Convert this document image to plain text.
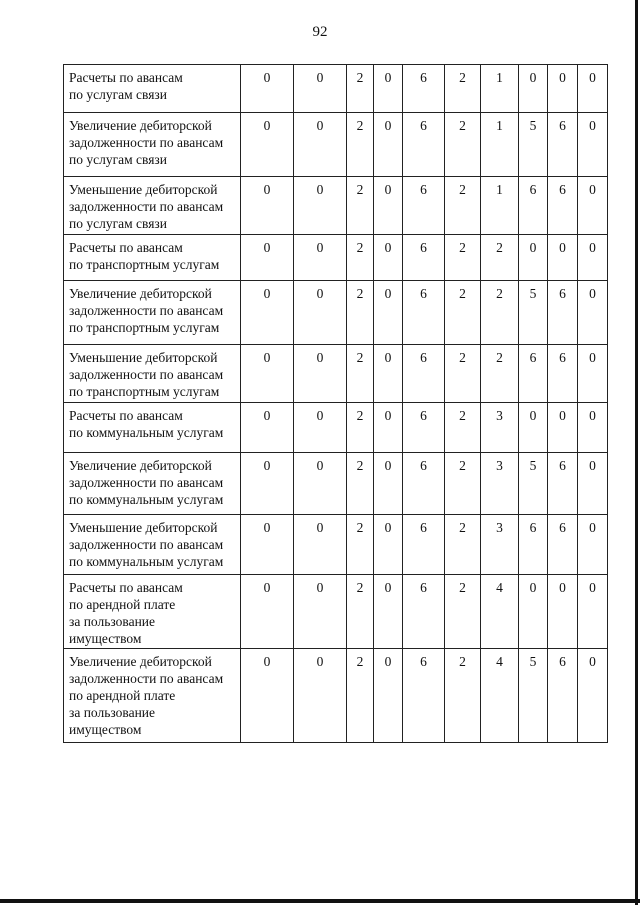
92
Расчеты по авансам
по услугам связи	0	0	2	0	6	2	1	0	0	0
Увеличение дебиторской
задолженности по авансам
по услугам связи	0	0	2	0	6	2	1	5	6	0
Уменьшение дебиторской
задолженности по авансам
по услугам связи	0	0	2	0	6	2	1	6	6	0
Расчеты по авансам
по транспортным услугам	0	0	2	0	6	2	2	0	0	0
Увеличение дебиторской
задолженности по авансам
по транспортным услугам	0	0	2	0	6	2	2	5	6	0
Уменьшение дебиторской
задолженности по авансам
по транспортным услугам	0	0	2	0	6	2	2	6	6	0
Расчеты по авансам
по коммунальным услугам	0	0	2	0	6	2	3	0	0	0
Увеличение дебиторской
задолженности по авансам
по коммунальным услугам	0	0	2	0	6	2	3	5	6	0
Уменьшение дебиторской
задолженности по авансам
по коммунальным услугам	0	0	2	0	6	2	3	6	6	0
Расчеты по авансам
по арендной плате
за пользование
имуществом	0	0	2	0	6	2	4	0	0	0
Увеличение дебиторской
задолженности по авансам
по арендной плате
за пользование
имуществом	0	0	2	0	6	2	4	5	6	0
